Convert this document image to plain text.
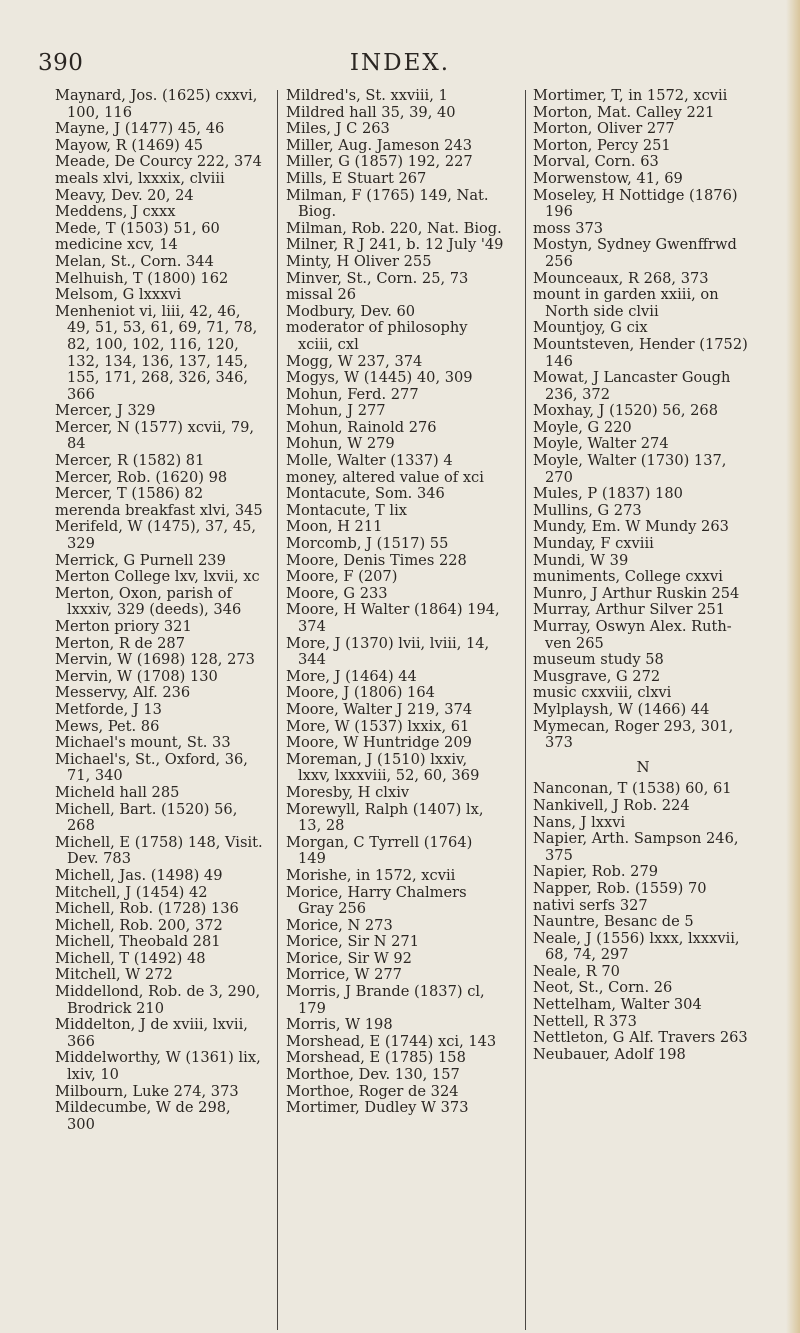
390	INDEX.
Maynard, Jos. (1625) cxxvi, 100, 116
Mayne, J (1477) 45, 46
Mayow, R (1469) 45
Meade, De Courcy 222, 374
meals xlvi, lxxxix, clviii
Meavy, Dev. 20, 24
Meddens, J cxxx
Mede, T (1503) 51, 60
medicine xcv, 14
Melan, St., Corn. 344
Melhuish, T (1800) 162
Melsom, G lxxxvi
Menheniot vi, liii, 42, 46, 49, 51, 53, 61, 69, 71, 78, 82, 100, 102, 116, 120, 132, 134, 136, 137, 145, 155, 171, 268, 326, 346, 366
Mercer, J 329
Mercer, N (1577) xcvii, 79, 84
Mercer, R (1582) 81
Mercer, Rob. (1620) 98
Mercer, T (1586) 82
merenda breakfast xlvi, 345
Merifeld, W (1475), 37, 45, 329
Merrick, G Purnell 239
Merton College lxv, lxvii, xc
Merton, Oxon, parish of lxxxiv, 329 (deeds), 346
Merton priory 321
Merton, R de 287
Mervin, W (1698) 128, 273
Mervin, W (1708) 130
Messervy, Alf. 236
Metforde, J 13
Mews, Pet. 86
Michael's mount, St. 33
Michael's, St., Oxford, 36, 71, 340
Micheld hall 285
Michell, Bart. (1520) 56, 268
Michell, E (1758) 148, Visit. Dev. 783
Michell, Jas. (1498) 49
Mitchell, J (1454) 42
Michell, Rob. (1728) 136
Michell, Rob. 200, 372
Michell, Theobald 281
Michell, T (1492) 48
Mitchell, W 272
Middellond, Rob. de 3, 290, Brodrick 210
Middelton, J de xviii, lxvii, 366
Middelworthy, W (1361) lix, lxiv, 10
Milbourn, Luke 274, 373
Mildecumbe, W de 298, 300
Mildred's, St. xxviii, 1
Mildred hall 35, 39, 40
Miles, J C 263
Miller, Aug. Jameson 243
Miller, G (1857) 192, 227
Mills, E Stuart 267
Milman, F (1765) 149, Nat. Biog.
Milman, Rob. 220, Nat. Biog.
Milner, R J 241, b. 12 July '49
Minty, H Oliver 255
Minver, St., Corn. 25, 73
missal 26
Modbury, Dev. 60
moderator of philosophy xciii, cxl
Mogg, W 237, 374
Mogys, W (1445) 40, 309
Mohun, Ferd. 277
Mohun, J 277
Mohun, Rainold 276
Mohun, W 279
Molle, Walter (1337) 4
money, altered value of xci
Montacute, Som. 346
Montacute, T lix
Moon, H 211
Morcomb, J (1517) 55
Moore, Denis Times 228
Moore, F (207)
Moore, G 233
Moore, H Walter (1864) 194, 374
More, J (1370) lvii, lviii, 14, 344
More, J (1464) 44
Moore, J (1806) 164
Moore, Walter J 219, 374
More, W (1537) lxxix, 61
Moore, W Huntridge 209
Moreman, J (1510) lxxiv, lxxv, lxxxviii, 52, 60, 369
Moresby, H clxiv
Morewyll, Ralph (1407) lx, 13, 28
Morgan, C Tyrrell (1764) 149
Morishe, in 1572, xcvii
Morice, Harry Chalmers Gray 256
Morice, N 273
Morice, Sir N 271
Morice, Sir W 92
Morrice, W 277
Morris, J Brande (1837) cl, 179
Morris, W 198
Morshead, E (1744) xci, 143
Morshead, E (1785) 158
Morthoe, Dev. 130, 157
Morthoe, Roger de 324
Mortimer, Dudley W 373
Mortimer, T, in 1572, xcvii
Morton, Mat. Calley 221
Morton, Oliver 277
Morton, Percy 251
Morval, Corn. 63
Morwenstow, 41, 69
Moseley, H Nottidge (1876) 196
moss 373
Mostyn, Sydney Gwenffrwd 256
Mounceaux, R 268, 373
mount in garden xxiii, on North side clvii
Mountjoy, G cix
Mountsteven, Hender (1752) 146
Mowat, J Lancaster Gough 236, 372
Moxhay, J (1520) 56, 268
Moyle, G 220
Moyle, Walter 274
Moyle, Walter (1730) 137, 270
Mules, P (1837) 180
Mullins, G 273
Mundy, Em. W Mundy 263
Munday, F cxviii
Mundi, W 39
muniments, College cxxvi
Munro, J Arthur Ruskin 254
Murray, Arthur Silver 251
Murray, Oswyn Alex. Ruth-ven 265
museum study 58
Musgrave, G 272
music cxxviii, clxvi
Mylplaysh, W (1466) 44
Mymecan, Roger 293, 301, 373
N
Nanconan, T (1538) 60, 61
Nankivell, J Rob. 224
Nans, J lxxvi
Napier, Arth. Sampson 246, 375
Napier, Rob. 279
Napper, Rob. (1559) 70
nativi serfs 327
Nauntre, Besanc de 5
Neale, J (1556) lxxx, lxxxvii, 68, 74, 297
Neale, R 70
Neot, St., Corn. 26
Nettelham, Walter 304
Nettell, R 373
Nettleton, G Alf. Travers 263
Neubauer, Adolf 198
